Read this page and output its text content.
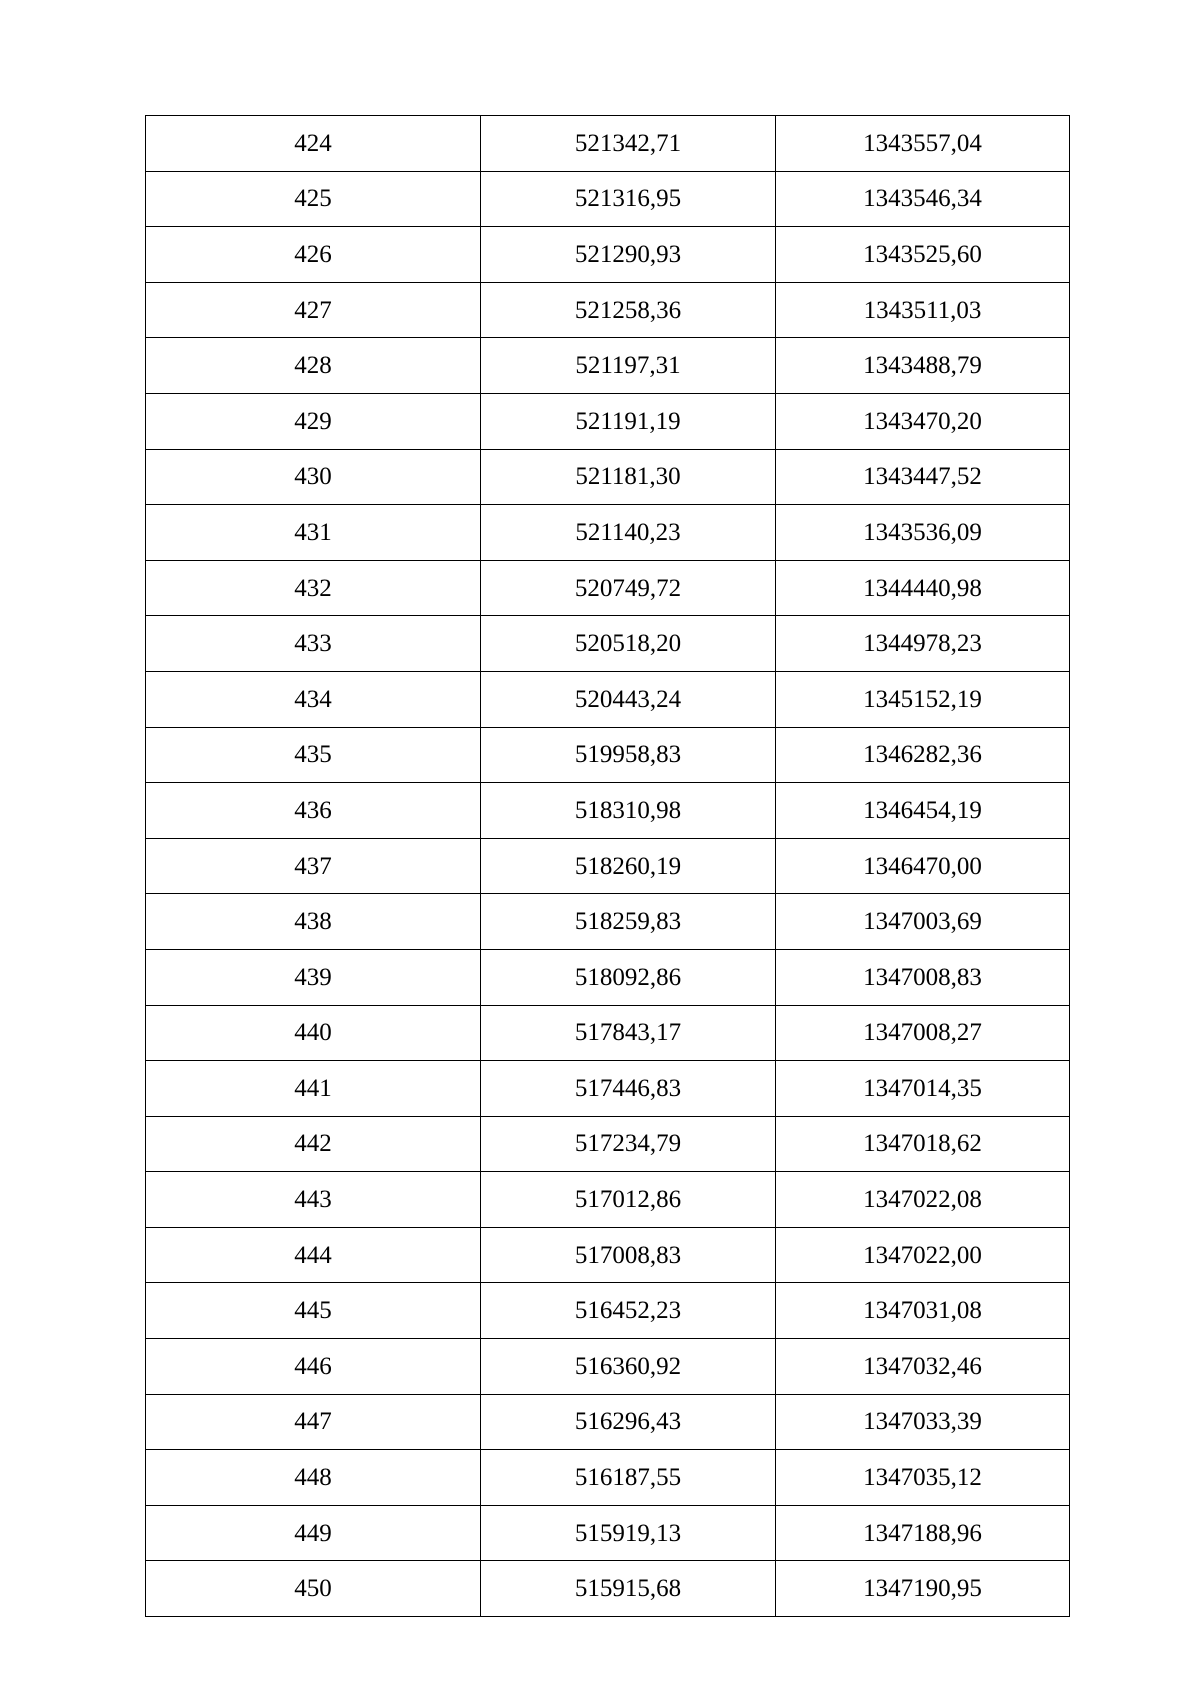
424	521342,71	1343557,04
425	521316,95	1343546,34
426	521290,93	1343525,60
427	521258,36	1343511,03
428	521197,31	1343488,79
429	521191,19	1343470,20
430	521181,30	1343447,52
431	521140,23	1343536,09
432	520749,72	1344440,98
433	520518,20	1344978,23
434	520443,24	1345152,19
435	519958,83	1346282,36
436	518310,98	1346454,19
437	518260,19	1346470,00
438	518259,83	1347003,69
439	518092,86	1347008,83
440	517843,17	1347008,27
441	517446,83	1347014,35
442	517234,79	1347018,62
443	517012,86	1347022,08
444	517008,83	1347022,00
445	516452,23	1347031,08
446	516360,92	1347032,46
447	516296,43	1347033,39
448	516187,55	1347035,12
449	515919,13	1347188,96
450	515915,68	1347190,95
